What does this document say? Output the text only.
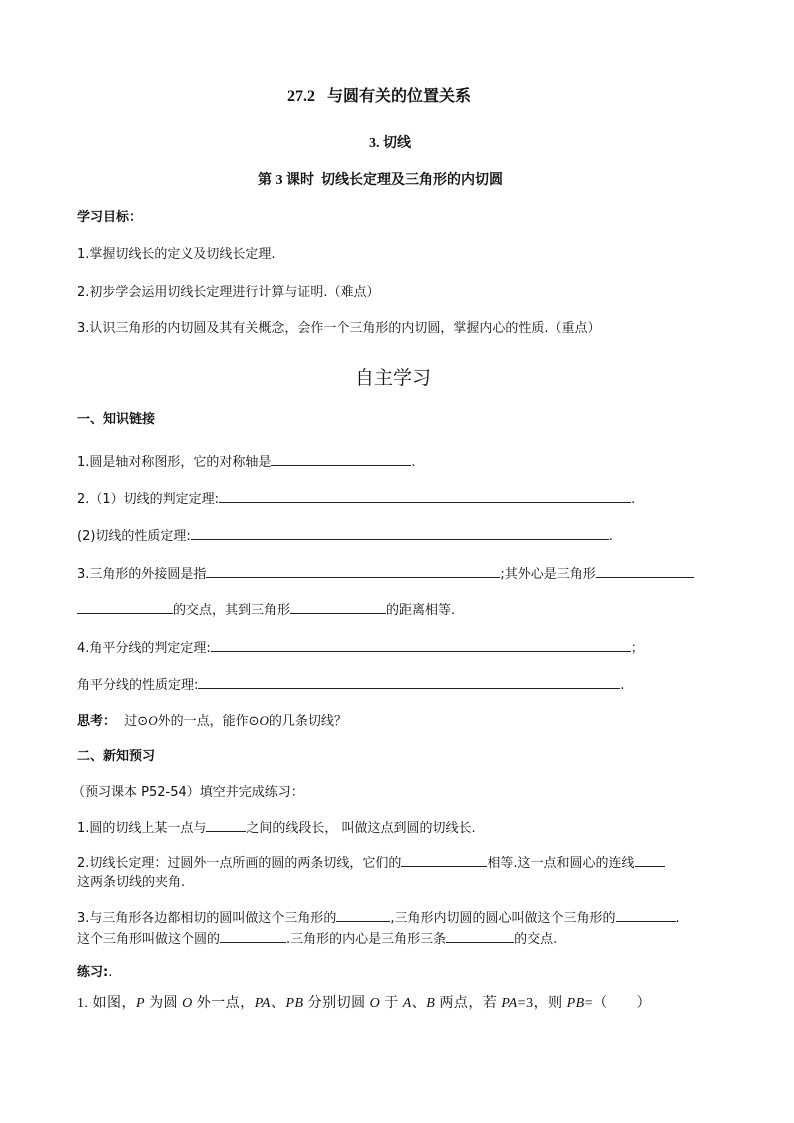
27.2 与圆有关的位置关系
3. 切线
第 3 课时 切线长定理及三角形的内切圆
学习目标：
1.掌握切线长的定义及切线长定理.
2.初步学会运用切线长定理进行计算与证明.（难点）
3.认识三角形的内切圆及其有关概念，会作一个三角形的内切圆，掌握内心的性质.（重点）
自主学习
一、知识链接
1.圆是轴对称图形，它的对称轴是	.
2.（1）切线的判定定理:	.
(2)切线的性质定理:	.
3.三角形的外接圆是指	;其外心是三角形
的交点，其到三角形	的距离相等.
4.角平分线的判定定理:	；
角平分线的性质定理:	.
思考： 过⊙O外的一点，能作⊙O的几条切线？
二、新知预习
（预习课本 P52-54）填空并完成练习：
1.圆的切线上某一点与	之间的线段长， 叫做这点到圆的切线长.
2.切线长定理：过圆外一点所画的圆的两条切线，它们的	相等.这一点和圆心的连线
这两条切线的夹角.
3.与三角形各边都相切的圆叫做这个三角形的	,三角形内切圆的圆心叫做这个三角形的	.
这个三角形叫做这个圆的	.三角形的内心是三角形三条	的交点.
练习:.
1. 如图，P 为圆 O 外一点，PA、PB 分别切圆 O 于 A、B 两点，若 PA=3，则 PB=（　　）
